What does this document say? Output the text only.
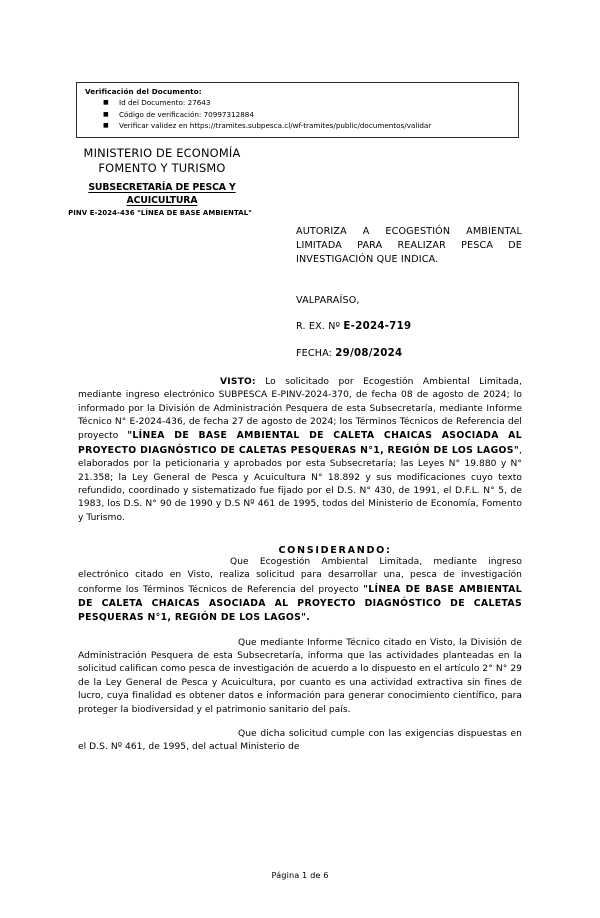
Verificación del Documento:
■ Id del Documento: 27643
■ Código de verificación: 70997312884
■ Verificar validez en https://tramites.subpesca.cl/wf-tramites/public/documentos/validar
MINISTERIO DE ECONOMÍA
FOMENTO Y TURISMO
SUBSECRETARÍA DE PESCA Y
ACUICULTURA
PINV E-2024-436 "LÍNEA DE BASE AMBIENTAL"
AUTORIZA A ECOGESTIÓN AMBIENTAL LIMITADA PARA REALIZAR PESCA DE INVESTIGACIÓN QUE INDICA.
VALPARAÍSO,
R. EX. Nº E-2024-719
FECHA: 29/08/2024

VISTO: Lo solicitado por Ecogestión Ambiental Limitada, mediante ingreso electrónico SUBPESCA E-PINV-2024-370, de fecha 08 de agosto de 2024; lo informado por la División de Administración Pesquera de esta Subsecretaría, mediante Informe Técnico N° E-2024-436, de fecha 27 de agosto de 2024; los Términos Técnicos de Referencia del proyecto "LÍNEA DE BASE AMBIENTAL DE CALETA CHAICAS ASOCIADA AL PROYECTO DIAGNÓSTICO DE CALETAS PESQUERAS N°1, REGIÓN DE LOS LAGOS", elaborados por la peticionaria y aprobados por esta Subsecretaría; las Leyes N° 19.880 y N° 21.358; la Ley General de Pesca y Acuicultura N° 18.892 y sus modificaciones cuyo texto refundido, coordinado y sistematizado fue fijado por el D.S. N° 430, de 1991, el D.F.L. N° 5, de 1983, los D.S. N° 90 de 1990 y D.S Nº 461 de 1995, todos del Ministerio de Economía, Fomento y Turismo.

CONSIDERANDO:

Que Ecogestión Ambiental Limitada, mediante ingreso electrónico citado en Visto, realiza solicitud para desarrollar una, pesca de investigación conforme los Términos Técnicos de Referencia del proyecto "LÍNEA DE BASE AMBIENTAL DE CALETA CHAICAS ASOCIADA AL PROYECTO DIAGNÓSTICO DE CALETAS PESQUERAS N°1, REGIÓN DE LOS LAGOS".

Que mediante Informe Técnico citado en Visto, la División de Administración Pesquera de esta Subsecretaría, informa que las actividades planteadas en la solicitud califican como pesca de investigación de acuerdo a lo dispuesto en el artículo 2° N° 29 de la Ley General de Pesca y Acuicultura, por cuanto es una actividad extractiva sin fines de lucro, cuya finalidad es obtener datos e información para generar conocimiento científico, para proteger la biodiversidad y el patrimonio sanitario del país.

Que dicha solicitud cumple con las exigencias dispuestas en el D.S. Nº 461, de 1995, del actual Ministerio de

Página 1 de 6
